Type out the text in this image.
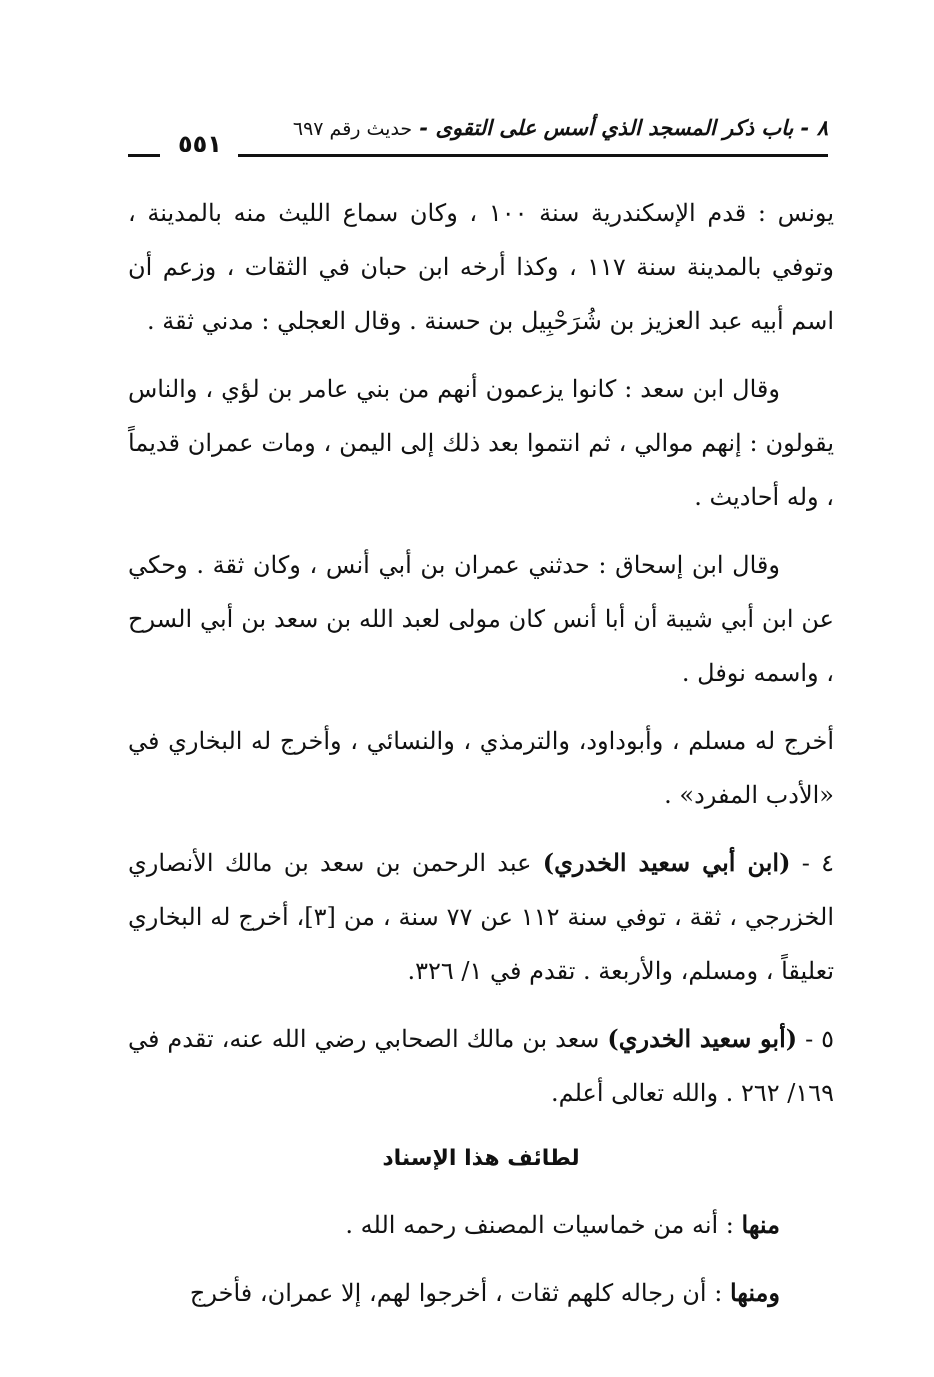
٨ - باب ذكر المسجد الذي أسس على التقوى - حديث رقم ٦٩٧
٥٥١

يونس : قدم الإسكندرية سنة ١٠٠ ، وكان سماع الليث منه بالمدينة ، وتوفي بالمدينة سنة ١١٧ ، وكذا أرخه ابن حبان في الثقات ، وزعم أن اسم أبيه عبد العزيز بن شُرَحْبِيل بن حسنة . وقال العجلي : مدني ثقة .

وقال ابن سعد : كانوا يزعمون أنهم من بني عامر بن لؤي ، والناس يقولون : إنهم موالي ، ثم انتموا بعد ذلك إلى اليمن ، ومات عمران قديماً ، وله أحاديث .

وقال ابن إسحاق : حدثني عمران بن أبي أنس ، وكان ثقة . وحكي عن ابن أبي شيبة أن أبا أنس كان مولى لعبد الله بن سعد بن أبي السرح ، واسمه نوفل .

أخرج له مسلم ، وأبوداود، والترمذي ، والنسائي ، وأخرج له البخاري في «الأدب المفرد» .

٤ - (ابن أبي سعيد الخدري) عبد الرحمن بن سعد بن مالك الأنصاري الخزرجي ، ثقة ، توفي سنة ١١٢ عن ٧٧ سنة ، من [٣]، أخرج له البخاري تعليقاً ، ومسلم، والأربعة . تقدم في ١/ ٣٢٦.

٥ - (أبو سعيد الخدري) سعد بن مالك الصحابي رضي الله عنه، تقدم في ١٦٩/ ٢٦٢ . والله تعالى أعلم.

لطائف هذا الإسناد

منها : أنه من خماسيات المصنف رحمه الله .

ومنها : أن رجاله كلهم ثقات ، أخرجوا لهم، إلا عمران، فأخرج
